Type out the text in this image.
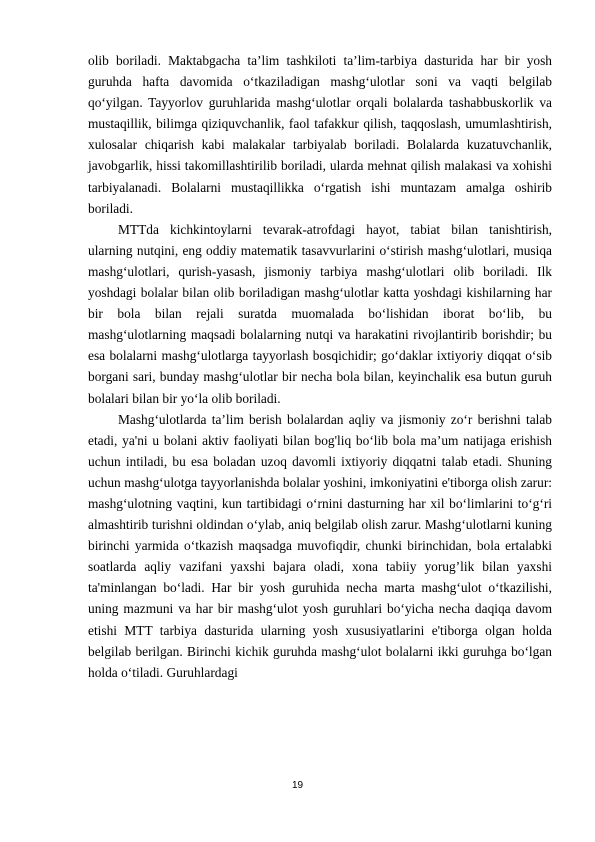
olib boriladi. Maktabgacha ta’lim tashkiloti ta’lim-tarbiya dasturida har bir yosh guruhda hafta davomida o‘tkaziladigan mashg‘ulotlar soni va vaqti belgilab qo‘yilgan. Tayyorlov guruhlarida mashg‘ulotlar orqali bolalarda tashabbuskorlik va mustaqillik, bilimga qiziquvchanlik, faol tafakkur qilish, taqqoslash, umumlashtirish, xulosalar chiqarish kabi malakalar tarbiyalab boriladi. Bolalarda kuzatuvchanlik, javobgarlik, hissi takomillashtirilib boriladi, ularda mehnat qilish malakasi va xohishi tarbiyalanadi. Bolalarni mustaqillikka o‘rgatish ishi muntazam amalga oshirib boriladi.

MTTda kichkintoylarni tevarak-atrofdagi hayot, tabiat bilan tanishtirish, ularning nutqini, eng oddiy matematik tasavvurlarini o‘stirish mashg‘ulotlari, musiqa mashg‘ulotlari, qurish-yasash, jismoniy tarbiya mashg‘ulotlari olib boriladi. Ilk yoshdagi bolalar bilan olib boriladigan mashg‘ulotlar katta yoshdagi kishilarning har bir bola bilan rejali suratda muomalada bo‘lishidan iborat bo‘lib, bu mashg‘ulotlarning maqsadi bolalarning nutqi va harakatini rivojlantirib borishdir; bu esa bolalarni mashg‘ulotlarga tayyorlash bosqichidir; go‘daklar ixtiyoriy diqqat o‘sib borgani sari, bunday mashg‘ulotlar bir necha bola bilan, keyinchalik esa butun guruh bolalari bilan bir yo‘la olib boriladi.

Mashg‘ulotlarda ta’lim berish bolalardan aqliy va jismoniy zo‘r berishni talab etadi, ya'ni u bolani aktiv faoliyati bilan bog'liq bo‘lib bola ma’um natijaga erishish uchun intiladi, bu esa boladan uzoq davomli ixtiyoriy diqqatni talab etadi. Shuning uchun mashg‘ulotga tayyorlanishda bolalar yoshini, imkoniyatini e'tiborga olish zarur: mashg‘ulotning vaqtini, kun tartibidagi o‘rnini dasturning har xil bo‘limlarini to‘g‘ri almashtirib turishni oldindan o‘ylab, aniq belgilab olish zarur. Mashg‘ulotlarni kuning birinchi yarmida o‘tkazish maqsadga muvofiqdir, chunki birinchidan, bola ertalabki soatlarda aqliy vazifani yaxshi bajara oladi, xona tabiiy yorug’lik bilan yaxshi ta'minlangan bo‘ladi. Har bir yosh guruhida necha marta mashg‘ulot o‘tkazilishi, uning mazmuni va har bir mashg‘ulot yosh guruhlari bo‘yicha necha daqiqa davom etishi MTT tarbiya dasturida ularning yosh xususiyatlarini e'tiborga olgan holda belgilab berilgan. Birinchi kichik guruhda mashg‘ulot bolalarni ikki guruhga bo‘lgan holda o‘tiladi. Guruhlardagi

19
